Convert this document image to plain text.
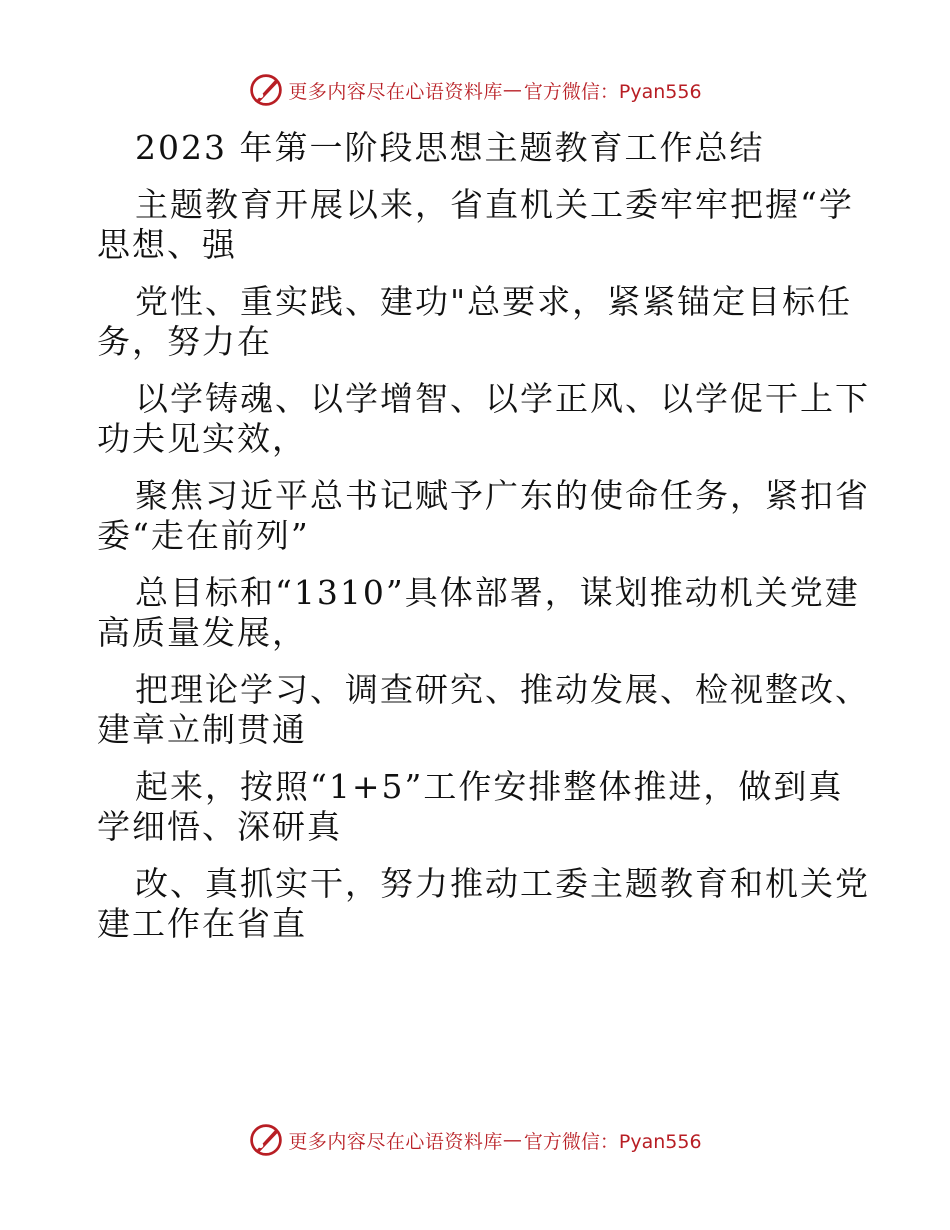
更多内容尽在心语资料库 — 官方微信：Pyan556

2023 年第一阶段思想主题教育工作总结

主题教育开展以来，省直机关工委牢牢把握“学
思想、强

党性、重实践、建功"总要求，紧紧锚定目标任
务，努力在

以学铸魂、以学增智、以学正风、以学促干上下
功夫见实效，

聚焦习近平总书记赋予广东的使命任务，紧扣省
委“走在前列”

总目标和“1310”具体部署，谋划推动机关党建
高质量发展，

把理论学习、调查研究、推动发展、检视整改、
建章立制贯通

起来，按照“1+5”工作安排整体推进，做到真
学细悟、深研真

改、真抓实干，努力推动工委主题教育和机关党
建工作在省直

更多内容尽在心语资料库 — 官方微信：Pyan556
